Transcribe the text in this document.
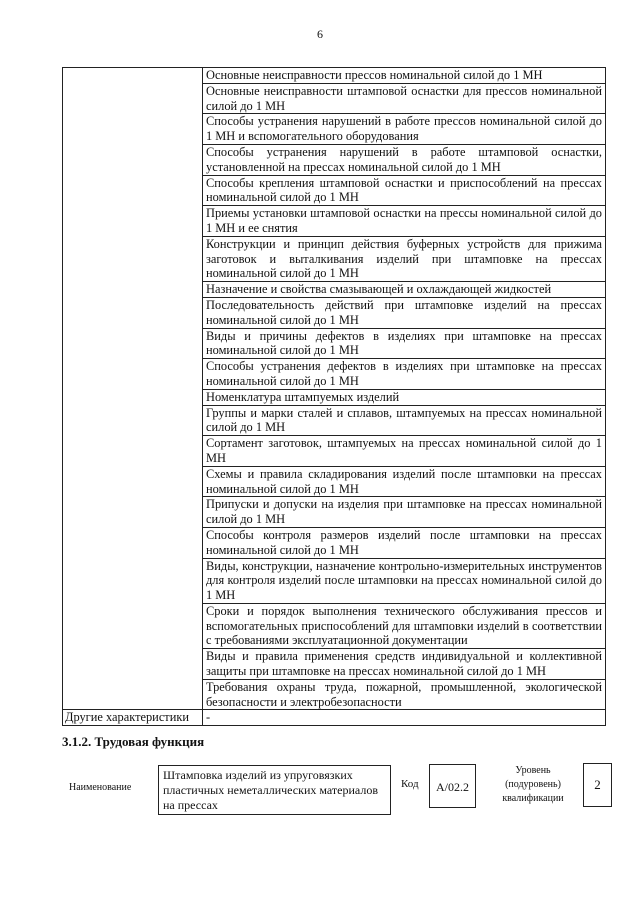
6
	Основные неисправности прессов номинальной силой до 1 МН
	Основные неисправности штамповой оснастки для прессов номинальной силой до 1 МН
	Способы устранения нарушений в работе прессов номинальной силой до 1 МН и вспомогательного оборудования
	Способы устранения нарушений в работе штамповой оснастки, установленной на прессах номинальной силой до 1 МН
	Способы крепления штамповой оснастки и приспособлений на прессах номинальной силой до 1 МН
	Приемы установки штамповой оснастки на прессы номинальной силой до 1 МН и ее снятия
	Конструкции и принцип действия буферных устройств для прижима заготовок и выталкивания изделий при штамповке на прессах номинальной силой до 1 МН
	Назначение и свойства смазывающей и охлаждающей жидкостей
	Последовательность действий при штамповке изделий на прессах номинальной силой до 1 МН
	Виды и причины дефектов в изделиях при штамповке на прессах номинальной силой до 1 МН
	Способы устранения дефектов в изделиях при штамповке на прессах номинальной силой до 1 МН
	Номенклатура штампуемых изделий
	Группы и марки сталей и сплавов, штампуемых на прессах номинальной силой до 1 МН
	Сортамент заготовок, штампуемых на прессах номинальной силой до 1 МН
	Схемы и правила складирования изделий после штамповки на прессах номинальной силой до 1 МН
	Припуски и допуски на изделия при штамповке на прессах номинальной силой до 1 МН
	Способы контроля размеров изделий после штамповки на прессах номинальной силой до 1 МН
	Виды, конструкции, назначение контрольно-измерительных инструментов для контроля изделий после штамповки на прессах номинальной силой до 1 МН
	Сроки и порядок выполнения технического обслуживания прессов и вспомогательных приспособлений для штамповки изделий в соответствии с требованиями эксплуатационной документации
	Виды и правила применения средств индивидуальной и коллективной защиты при штамповке на прессах номинальной силой до 1 МН
	Требования охраны труда, пожарной, промышленной, экологической безопасности и электробезопасности
Другие характеристики	-
3.1.2. Трудовая функция
Наименование
Штамповка изделий из упруговязких пластичных неметаллических материалов на прессах
Код	A/02.2
Уровень
(подуровень)
квалификации
2
